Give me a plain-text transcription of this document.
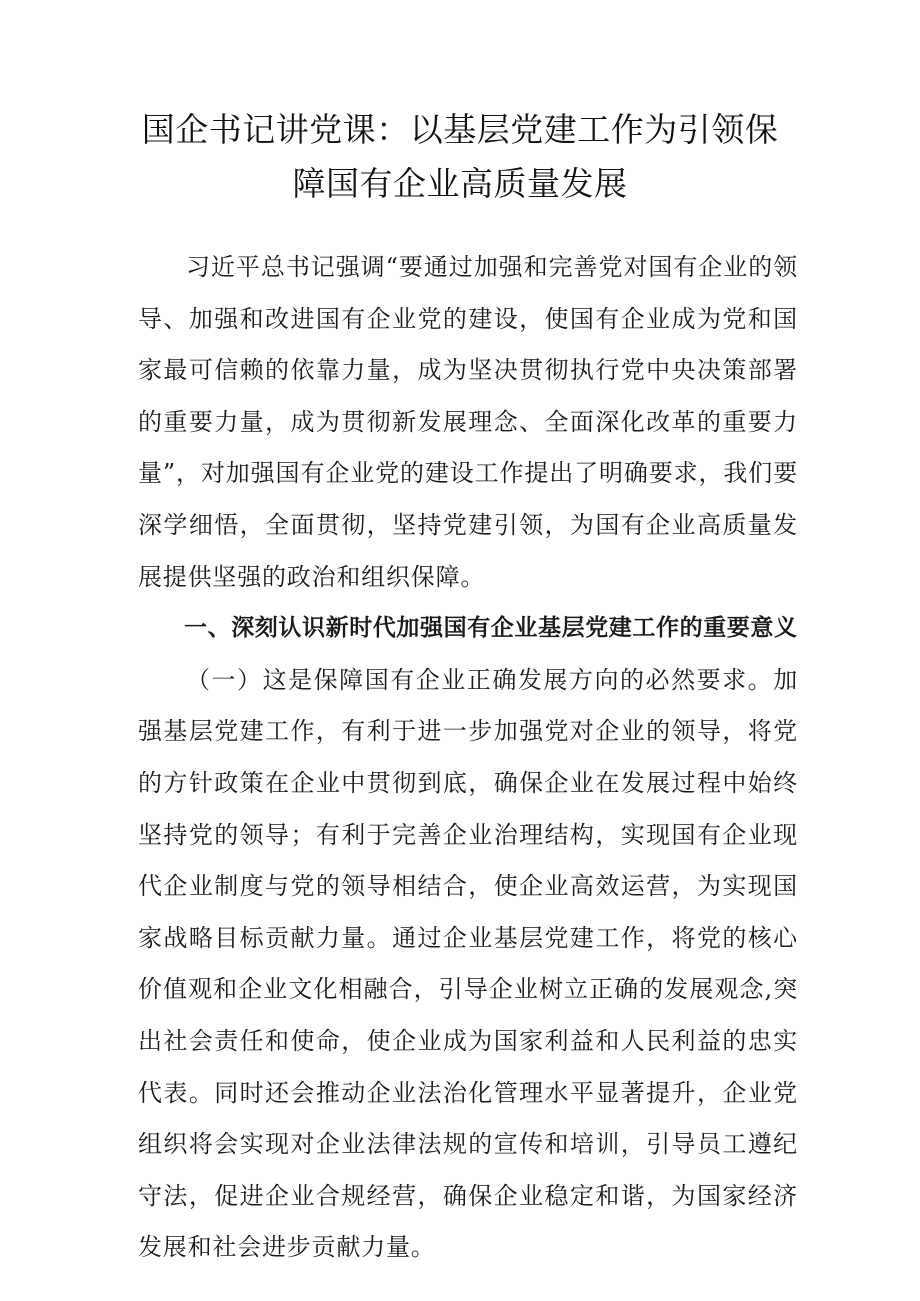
国企书记讲党课：以基层党建工作为引领保
障国有企业高质量发展

习近平总书记强调“要通过加强和完善党对国有企业的领导、加强和改进国有企业党的建设，使国有企业成为党和国家最可信赖的依靠力量，成为坚决贯彻执行党中央决策部署的重要力量，成为贯彻新发展理念、全面深化改革的重要力量”，对加强国有企业党的建设工作提出了明确要求，我们要深学细悟，全面贯彻，坚持党建引领，为国有企业高质量发展提供坚强的政治和组织保障。

一、深刻认识新时代加强国有企业基层党建工作的重要意义

（一）这是保障国有企业正确发展方向的必然要求。加强基层党建工作，有利于进一步加强党对企业的领导，将党的方针政策在企业中贯彻到底，确保企业在发展过程中始终坚持党的领导；有利于完善企业治理结构，实现国有企业现代企业制度与党的领导相结合，使企业高效运营，为实现国家战略目标贡献力量。通过企业基层党建工作，将党的核心价值观和企业文化相融合，引导企业树立正确的发展观念,突出社会责任和使命，使企业成为国家利益和人民利益的忠实代表。同时还会推动企业法治化管理水平显著提升，企业党组织将会实现对企业法律法规的宣传和培训，引导员工遵纪守法，促进企业合规经营，确保企业稳定和谐，为国家经济发展和社会进步贡献力量。
